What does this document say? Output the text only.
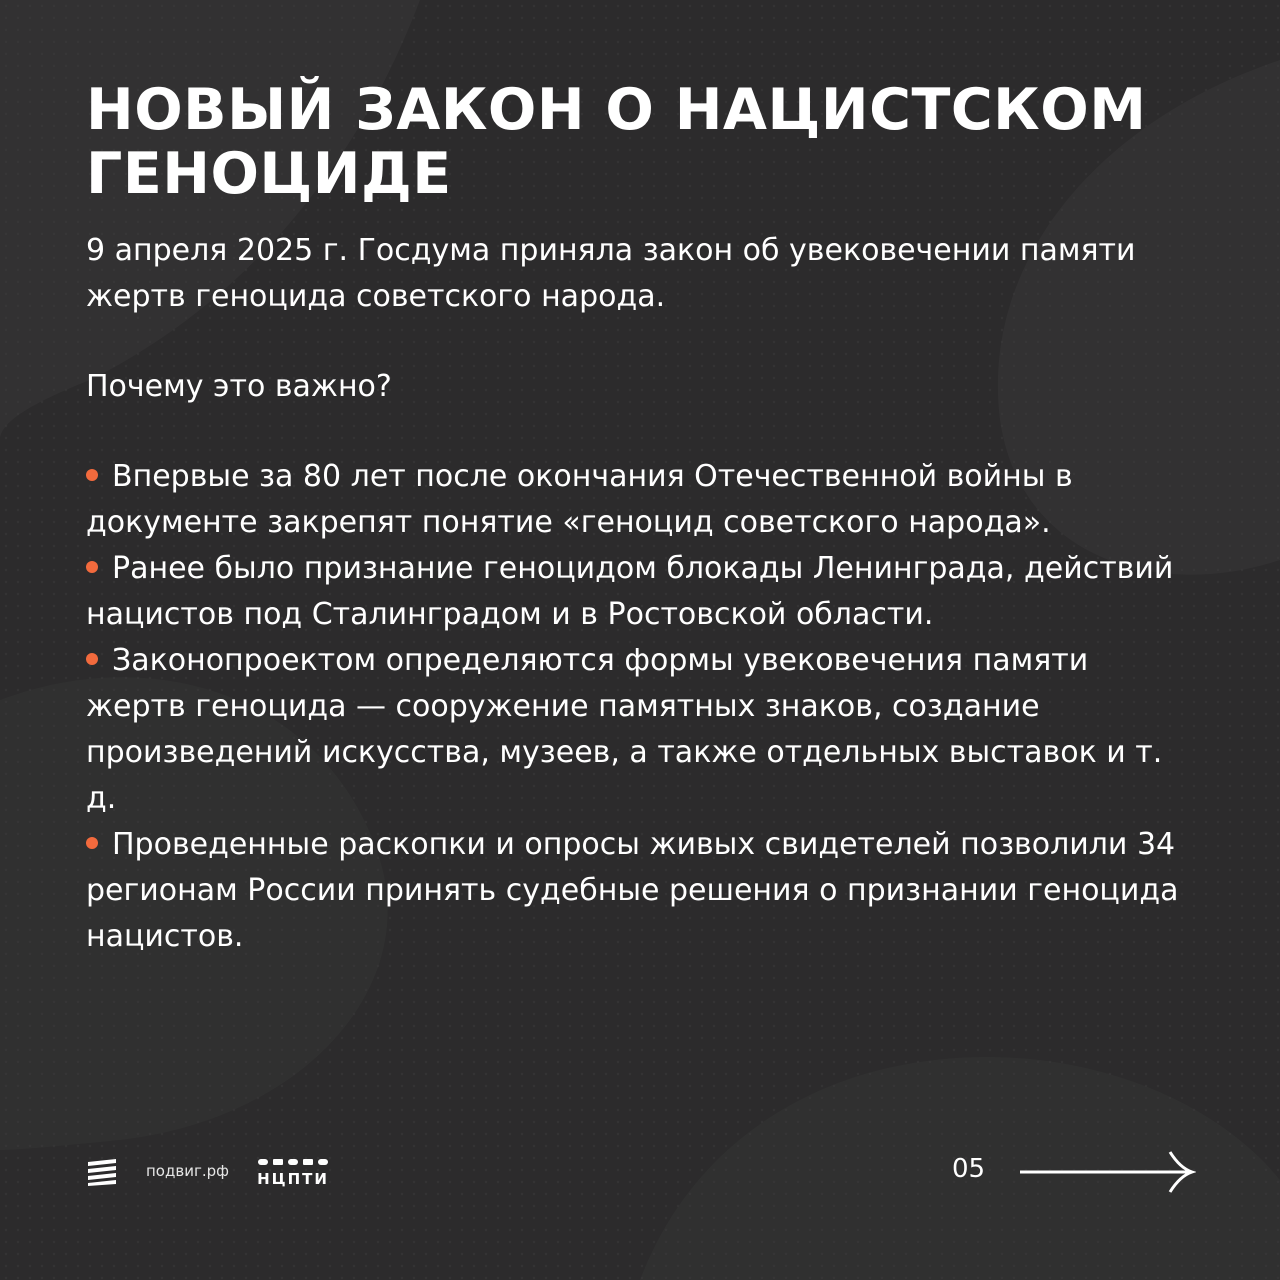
НОВЫЙ ЗАКОН О НАЦИСТСКОМ
ГЕНОЦИДЕ

9 апреля 2025 г. Госдума приняла закон об увековечении памяти жертв геноцида советского народа.

Почему это важно?

Впервые за 80 лет после окончания Отечественной войны в документе закрепят понятие «геноцид советского народа».
Ранее было признание геноцидом блокады Ленинграда, действий нацистов под Сталинградом и в Ростовской области.
Законопроектом определяются формы увековечения памяти жертв геноцида — сооружение памятных знаков, создание произведений искусства, музеев, а также отдельных выставок и т. д.
Проведенные раскопки и опросы живых свидетелей позволили 34 регионам России принять судебные решения о признании геноцида нацистов.
подвиг.рф НЦПТИ	05
